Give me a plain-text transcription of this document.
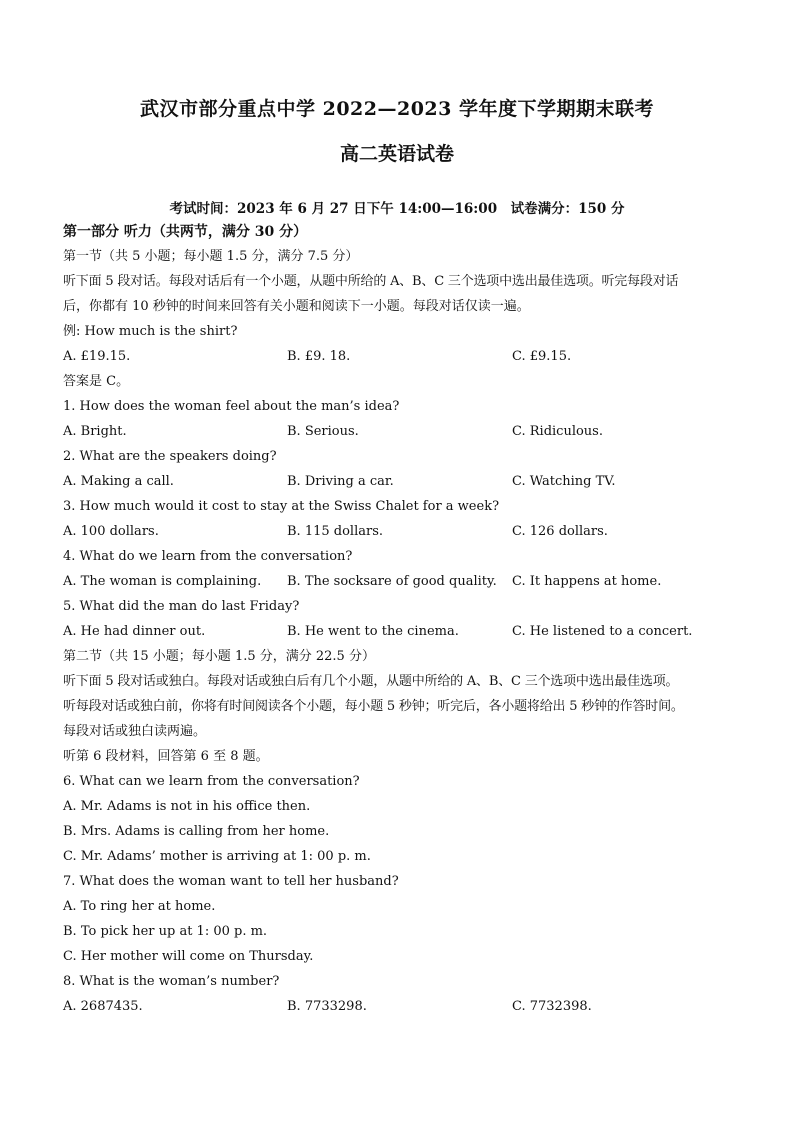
武汉市部分重点中学 2022—2023 学年度下学期期末联考
高二英语试卷
考试时间：2023 年 6 月 27 日下午 14:00—16:00　试卷满分：150 分
第一部分 听力（共两节，满分 30 分）
第一节（共 5 小题；每小题 1.5 分，满分 7.5 分）
听下面 5 段对话。每段对话后有一个小题，从题中所给的 A、B、C 三个选项中选出最佳选项。听完每段对话
后，你都有 10 秒钟的时间来回答有关小题和阅读下一小题。每段对话仅读一遍。
例: How much is the shirt?
A. £19.15.	B. £9. 18.	C. £9.15.
答案是 C。
1. How does the woman feel about the man’s idea?
A. Bright.	B. Serious.	C. Ridiculous.
2. What are the speakers doing?
A. Making a call.	B. Driving a car.	C. Watching TV.
3. How much would it cost to stay at the Swiss Chalet for a week?
A. 100 dollars.	B. 115 dollars.	C. 126 dollars.
4. What do we learn from the conversation?
A. The woman is complaining. B. The socksare of good quality. C. It happens at home.
5. What did the man do last Friday?
A. He had dinner out.	B. He went to the cinema.	C. He listened to a concert.
第二节（共 15 小题；每小题 1.5 分，满分 22.5 分）
听下面 5 段对话或独白。每段对话或独白后有几个小题，从题中所给的 A、B、C 三个选项中选出最佳选项。
听每段对话或独白前，你将有时间阅读各个小题，每小题 5 秒钟；听完后，各小题将给出 5 秒钟的作答时间。
每段对话或独白读两遍。
听第 6 段材料，回答第 6 至 8 题。
6. What can we learn from the conversation?
A. Mr. Adams is not in his office then.
B. Mrs. Adams is calling from her home.
C. Mr. Adams’ mother is arriving at 1: 00 p. m.
7. What does the woman want to tell her husband?
A. To ring her at home.
B. To pick her up at 1: 00 p. m.
C. Her mother will come on Thursday.
8. What is the woman’s number?
A. 2687435.	B. 7733298.	C. 7732398.
